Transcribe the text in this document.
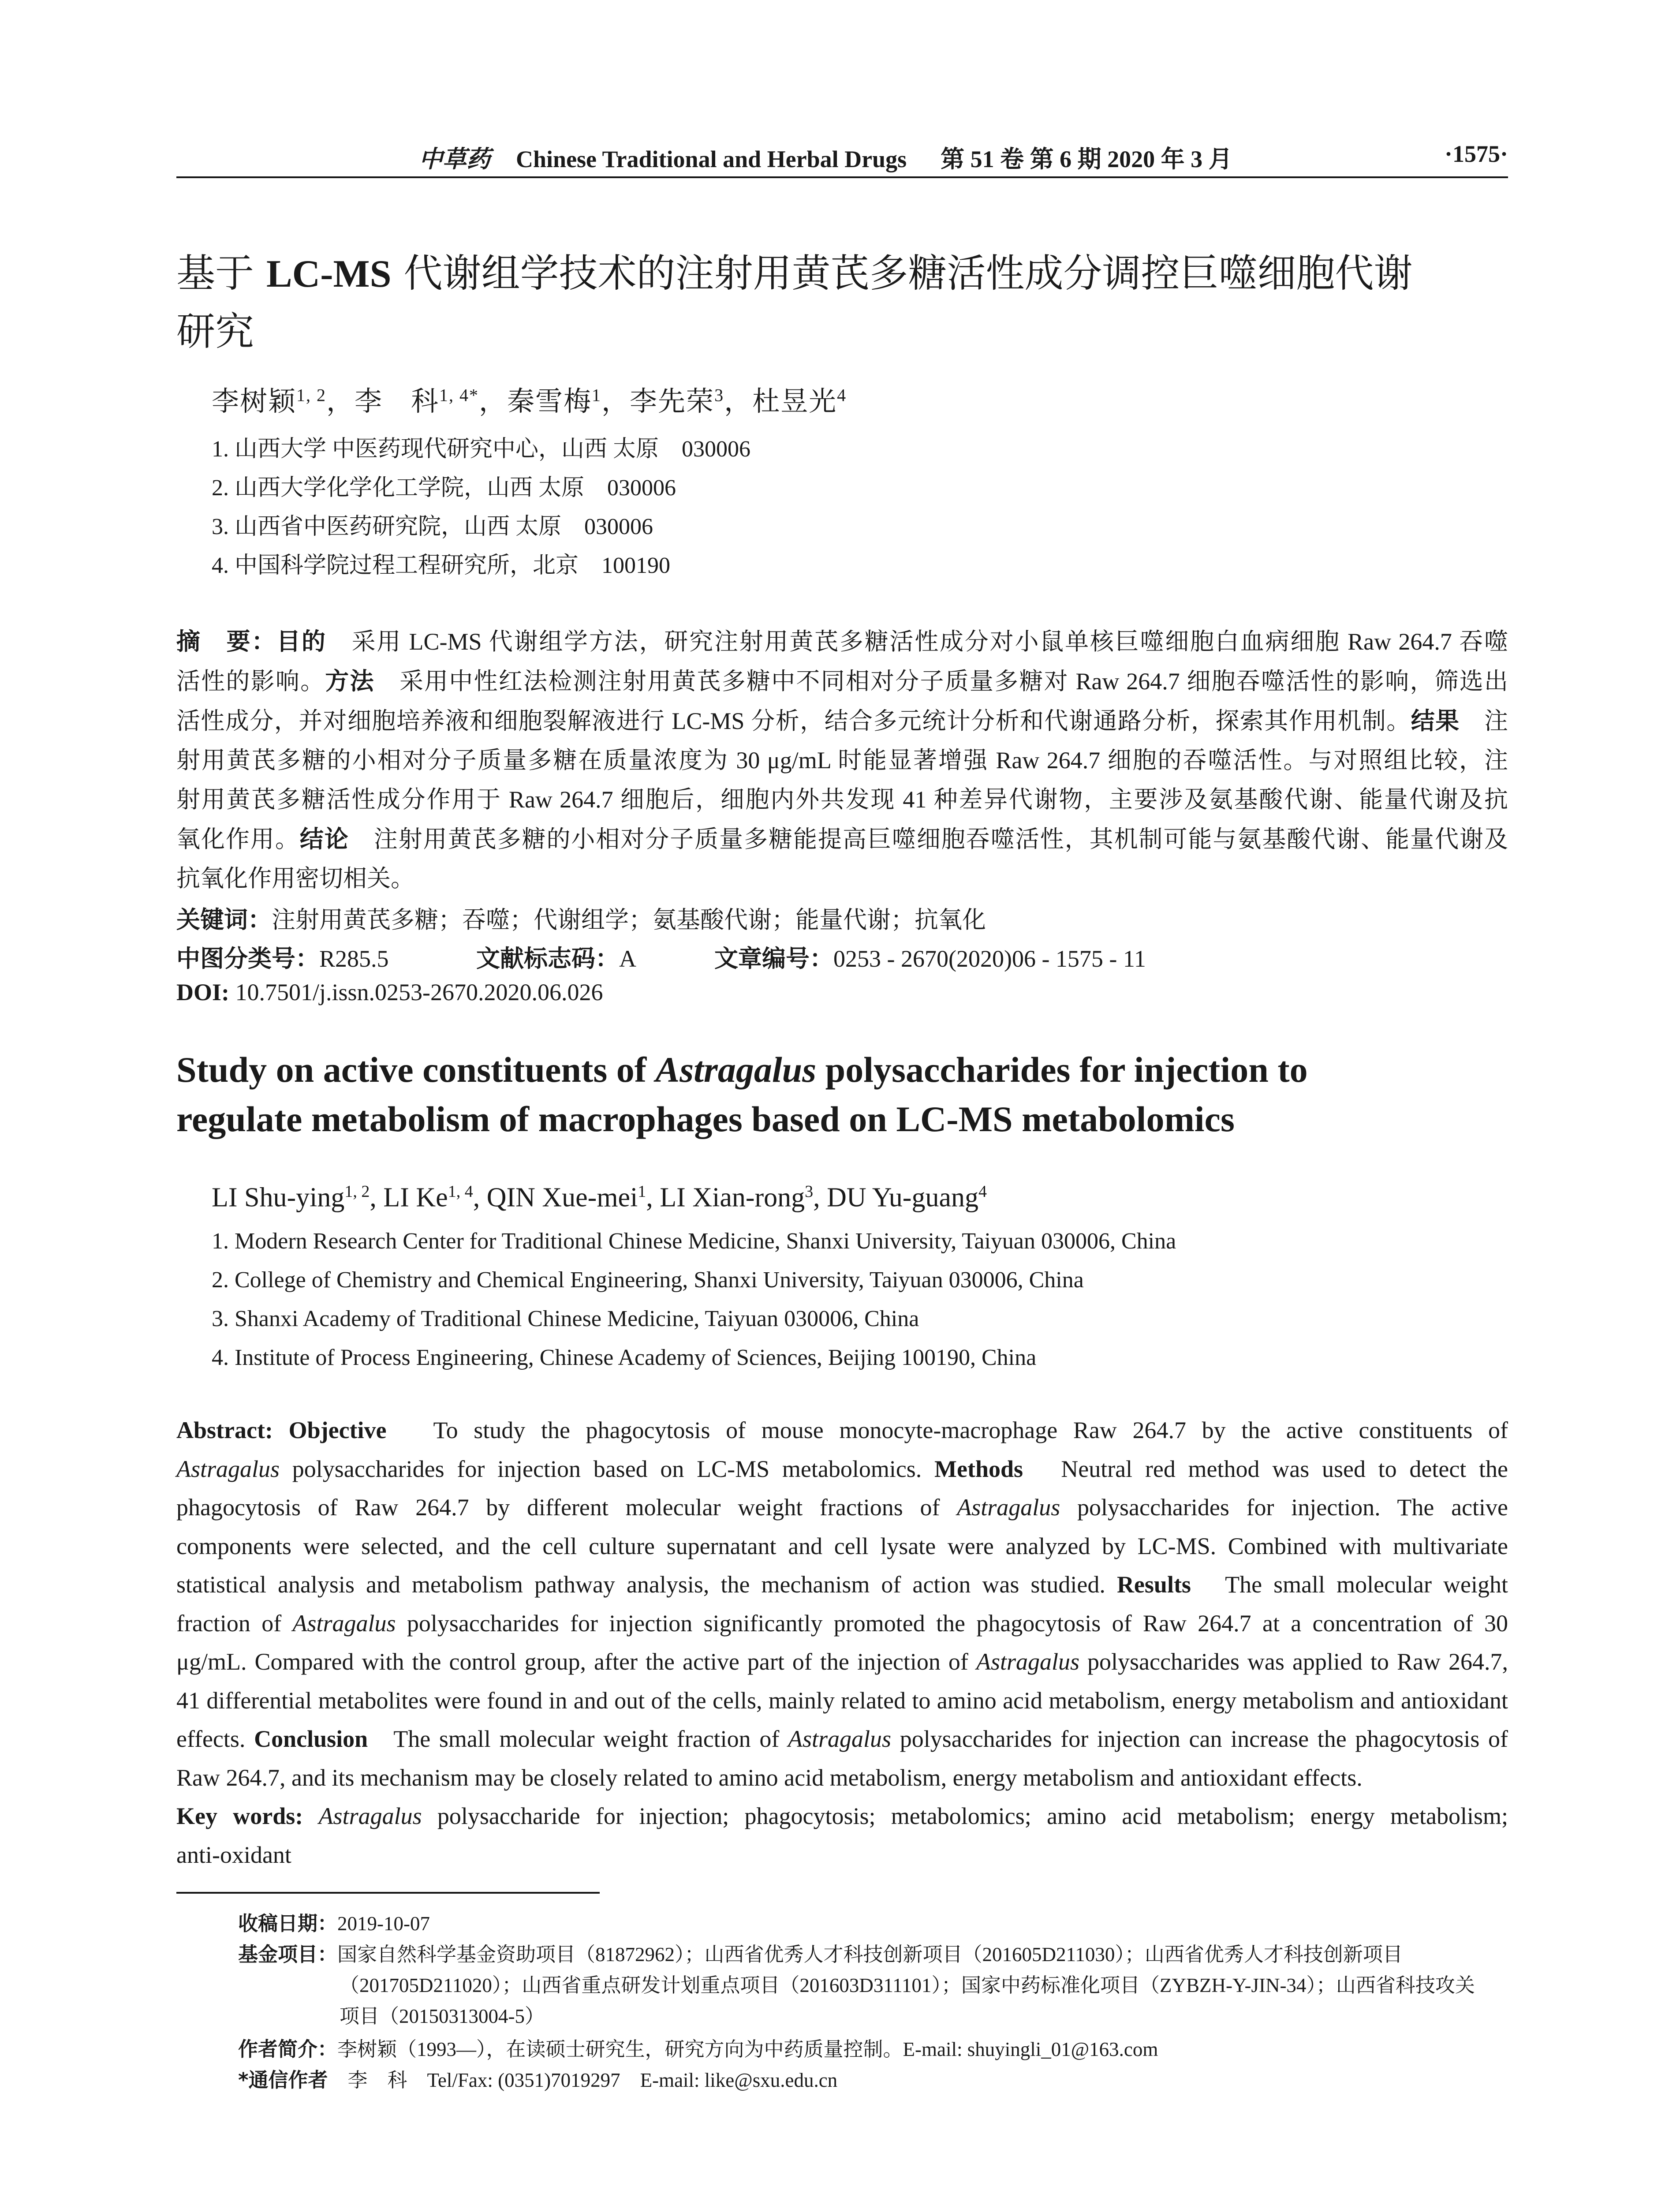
中草药 Chinese Traditional and Herbal Drugs 第 51 卷 第 6 期 2020 年 3 月	·1575·
基于 LC-MS 代谢组学技术的注射用黄芪多糖活性成分调控巨噬细胞代谢
研究
李树颖$^{1, 2}$，李　科$^{1, 4*}$，秦雪梅$^1$，李先荣$^3$，杜昱光$^4$
1. 山西大学 中医药现代研究中心，山西 太原　030006
2. 山西大学化学化工学院，山西 太原　030006
3. 山西省中医药研究院，山西 太原　030006
4. 中国科学院过程工程研究所，北京　100190
摘　要：目的　采用 LC-MS 代谢组学方法，研究注射用黄芪多糖活性成分对小鼠单核巨噬细胞白血病细胞 Raw 264.7 吞噬
活性的影响。方法　采用中性红法检测注射用黄芪多糖中不同相对分子质量多糖对 Raw 264.7 细胞吞噬活性的影响，筛选出
活性成分，并对细胞培养液和细胞裂解液进行 LC-MS 分析，结合多元统计分析和代谢通路分析，探索其作用机制。结果　注
射用黄芪多糖的小相对分子质量多糖在质量浓度为 30 μg/mL 时能显著增强 Raw 264.7 细胞的吞噬活性。与对照组比较，注
射用黄芪多糖活性成分作用于 Raw 264.7 细胞后，细胞内外共发现 41 种差异代谢物，主要涉及氨基酸代谢、能量代谢及抗
氧化作用。结论　注射用黄芪多糖的小相对分子质量多糖能提高巨噬细胞吞噬活性，其机制可能与氨基酸代谢、能量代谢及
抗氧化作用密切相关。
关键词：注射用黄芪多糖；吞噬；代谢组学；氨基酸代谢；能量代谢；抗氧化
中图分类号：R285.5	文献标志码：A	文章编号：0253 - 2670(2020)06 - 1575 - 11
DOI: 10.7501/j.issn.0253-2670.2020.06.026
Study on active constituents of Astragalus polysaccharides for injection to
regulate metabolism of macrophages based on LC-MS metabolomics
LI Shu-ying$^{1, 2}$, LI Ke$^{1, 4}$, QIN Xue-mei$^1$, LI Xian-rong$^3$, DU Yu-guang$^4$
1. Modern Research Center for Traditional Chinese Medicine, Shanxi University, Taiyuan 030006, China
2. College of Chemistry and Chemical Engineering, Shanxi University, Taiyuan 030006, China
3. Shanxi Academy of Traditional Chinese Medicine, Taiyuan 030006, China
4. Institute of Process Engineering, Chinese Academy of Sciences, Beijing 100190, China
Abstract: Objective To study the phagocytosis of mouse monocyte-macrophage Raw 264.7 by the active constituents of
Astragalus polysaccharides for injection based on LC-MS metabolomics. Methods Neutral red method was used to detect the
phagocytosis of Raw 264.7 by different molecular weight fractions of Astragalus polysaccharides for injection. The active
components were selected, and the cell culture supernatant and cell lysate were analyzed by LC-MS. Combined with multivariate
statistical analysis and metabolism pathway analysis, the mechanism of action was studied. Results The small molecular weight
fraction of Astragalus polysaccharides for injection significantly promoted the phagocytosis of Raw 264.7 at a concentration of 30
μg/mL. Compared with the control group, after the active part of the injection of Astragalus polysaccharides was applied to Raw 264.7,
41 differential metabolites were found in and out of the cells, mainly related to amino acid metabolism, energy metabolism and antioxidant
effects. Conclusion The small molecular weight fraction of Astragalus polysaccharides for injection can increase the phagocytosis of
Raw 264.7, and its mechanism may be closely related to amino acid metabolism, energy metabolism and antioxidant effects.
Key words: Astragalus polysaccharide for injection; phagocytosis; metabolomics; amino acid metabolism; energy metabolism;
anti-oxidant
收稿日期：2019-10-07
基金项目：国家自然科学基金资助项目（81872962）；山西省优秀人才科技创新项目（201605D211030）；山西省优秀人才科技创新项目
（201705D211020）；山西省重点研发计划重点项目（201603D311101）；国家中药标准化项目（ZYBZH-Y-JIN-34）；山西省科技攻关
项目（20150313004-5）
作者简介：李树颖（1993—），在读硕士研究生，研究方向为中药质量控制。E-mail: shuyingli_01@163.com
*通信作者　李　科　Tel/Fax: (0351)7019297　E-mail: like@sxu.edu.cn
